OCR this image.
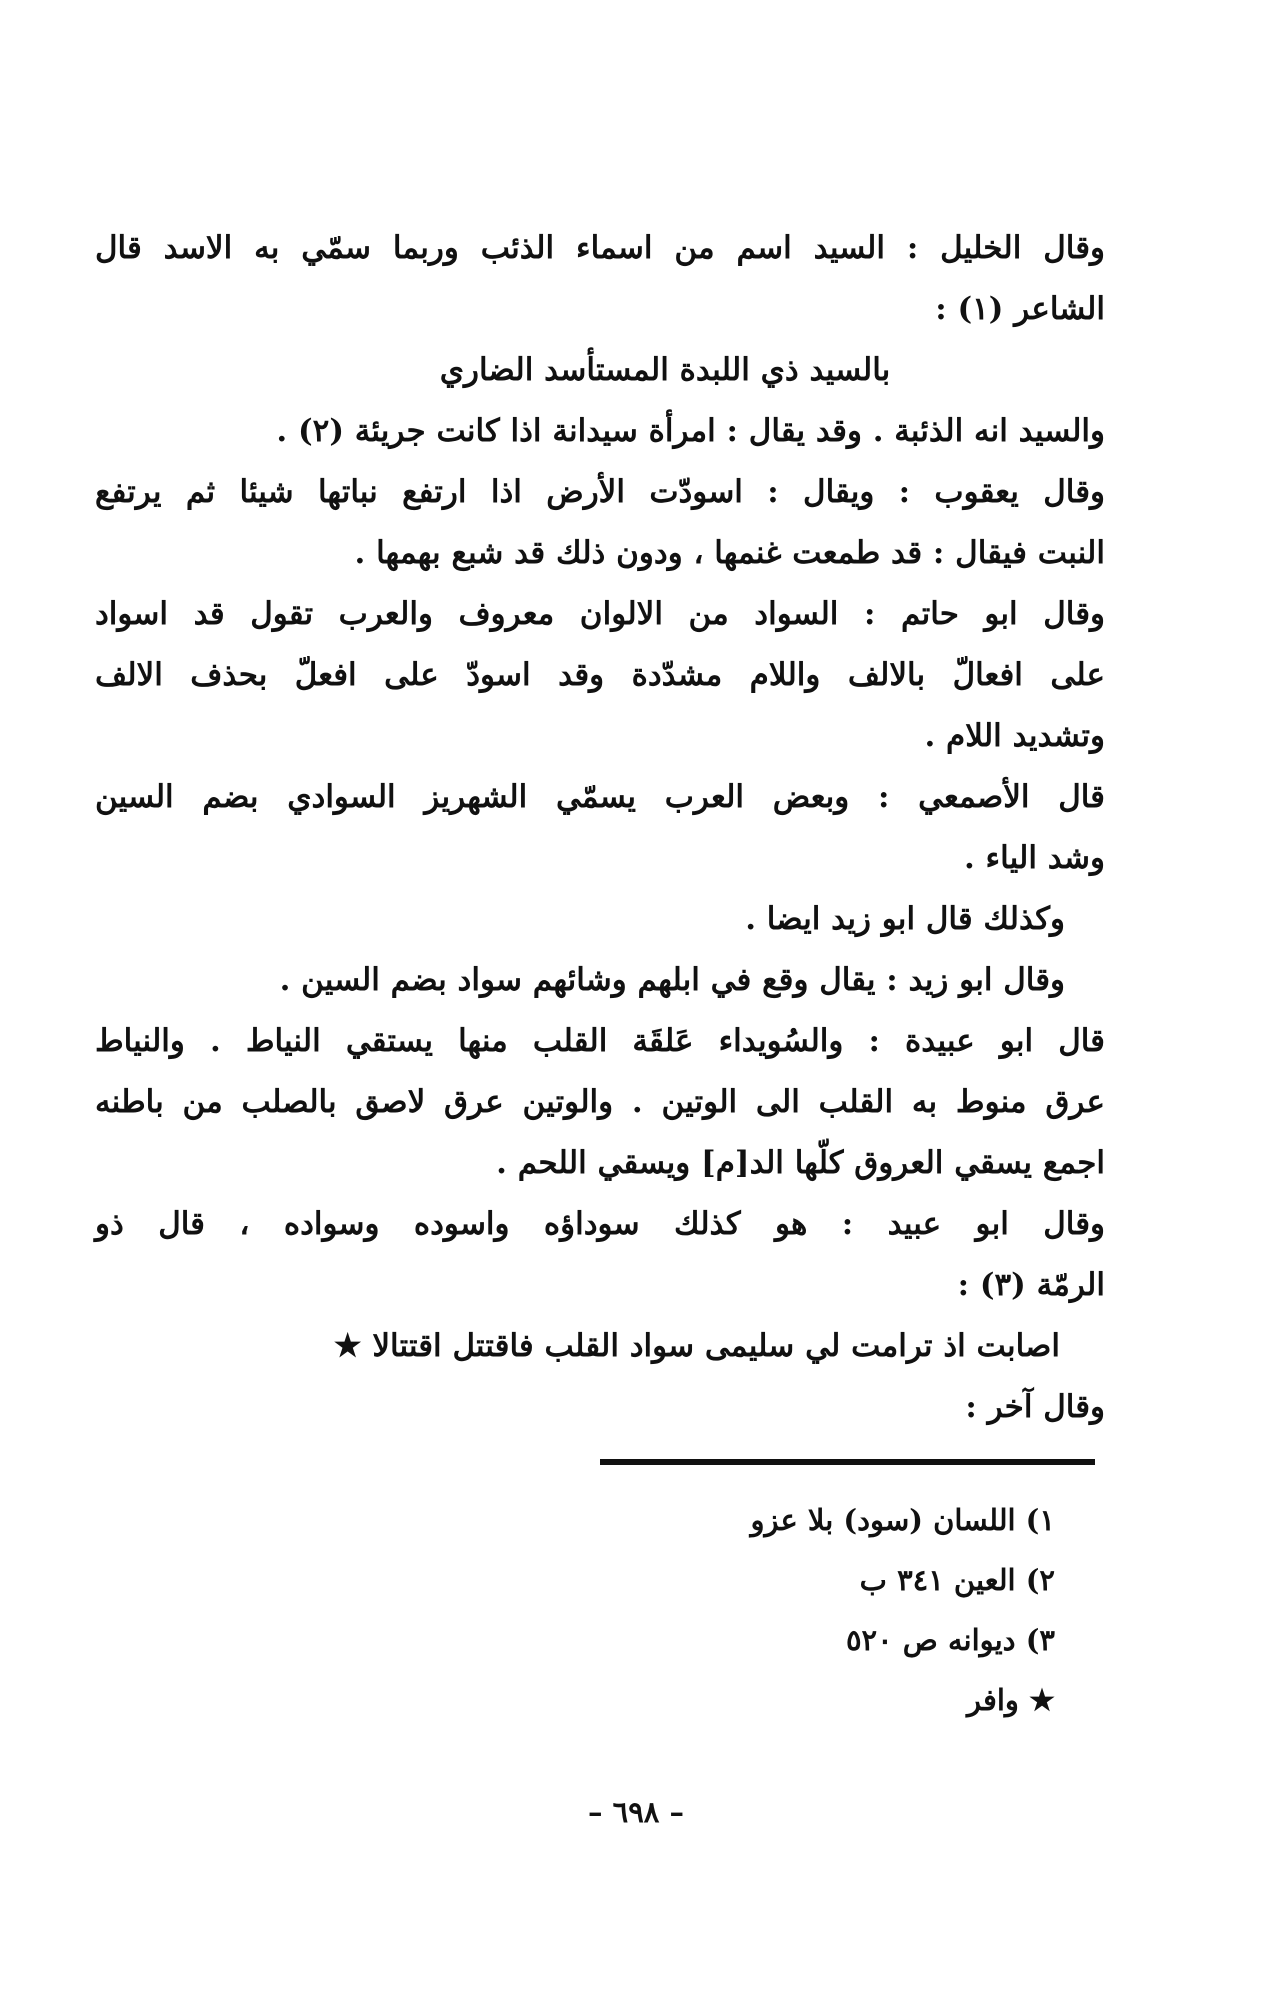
وقال الخليل : السيد اسم من اسماء الذئب وربما سمّي به الاسد قال
الشاعر (١) :
بالسيد ذي اللبدة المستأسد الضاري
والسيد انه الذئبة . وقد يقال : امرأة سيدانة اذا كانت جريئة (٢) .
وقال يعقوب : ويقال : اسودّت الأرض اذا ارتفع نباتها شيئا ثم يرتفع
النبت فيقال : قد طمعت غنمها ، ودون ذلك قد شبع بهمها .
وقال ابو حاتم : السواد من الالوان معروف والعرب تقول قد اسواد
على افعالّ بالالف واللام مشدّدة وقد اسودّ على افعلّ بحذف الالف
وتشديد اللام .
قال الأصمعي : وبعض العرب يسمّي الشهريز السوادي بضم السين
وشد الياء .
وكذلك قال ابو زيد ايضا .
وقال ابو زيد : يقال وقع في ابلهم وشائهم سواد بضم السين .
قال ابو عبيدة : والسُويداء عَلقَة القلب منها يستقي النياط . والنياط
عرق منوط به القلب الى الوتين . والوتين عرق لاصق بالصلب من باطنه
اجمع يسقي العروق كلّها الد[م] ويسقي اللحم .
وقال ابو عبيد : هو كذلك سوداؤه واسوده وسواده ، قال ذو
الرمّة (٣) :
اصابت اذ ترامت لي سليمى سواد القلب فاقتتل اقتتالا ★
وقال آخر :
١) اللسان (سود) بلا عزو
٢) العين ٣٤١ ب
٣) ديوانه ص ٥٢٠
★ وافر
– ٦٩٨ –
